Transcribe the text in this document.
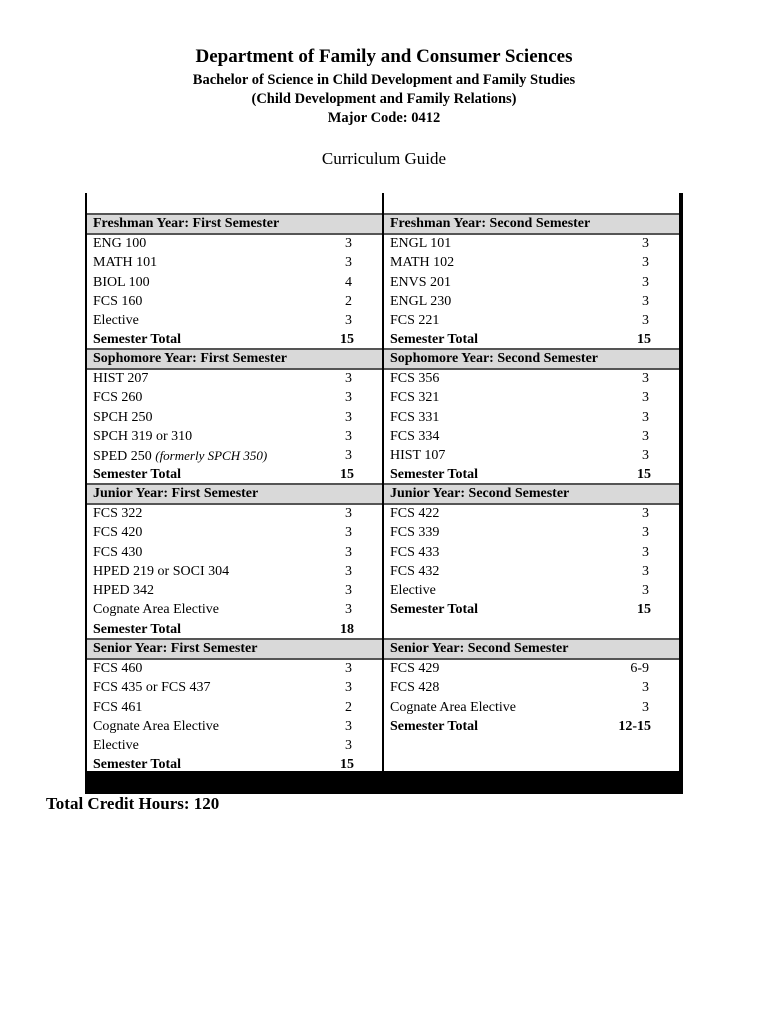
Department of Family and Consumer Sciences
Bachelor of Science in Child Development and Family Studies
(Child Development and Family Relations)
Major Code: 0412
Curriculum Guide
Freshman Year: First Semester
ENG 100	3
MATH 101	3
BIOL 100	4
FCS 160	2
Elective	3
Semester Total	15
Sophomore Year: First Semester
HIST 207	3
FCS 260	3
SPCH 250	3
SPCH 319 or 310	3
SPED 250 (formerly SPCH 350)	3
Semester Total	15
Junior Year: First Semester
FCS 322	3
FCS 420	3
FCS 430	3
HPED 219 or SOCI 304	3
HPED 342	3
Cognate Area Elective	3
Semester Total	18
Senior Year: First Semester
FCS 460	3
FCS 435 or FCS 437	3
FCS 461	2
Cognate Area Elective	3
Elective	3
Semester Total	15
Freshman Year: Second Semester
ENGL 101	3
MATH 102	3
ENVS 201	3
ENGL 230	3
FCS 221	3
Semester Total	15
Sophomore Year: Second Semester
FCS 356	3
FCS 321	3
FCS 331	3
FCS 334	3
HIST 107	3
Semester Total	15
Junior Year: Second Semester
FCS 422	3
FCS 339	3
FCS 433	3
FCS 432	3
Elective	3
Semester Total	15
Senior Year: Second Semester
FCS 429	6-9
FCS 428	3
Cognate Area Elective	3
Semester Total	12-15
Total Credit Hours: 120
